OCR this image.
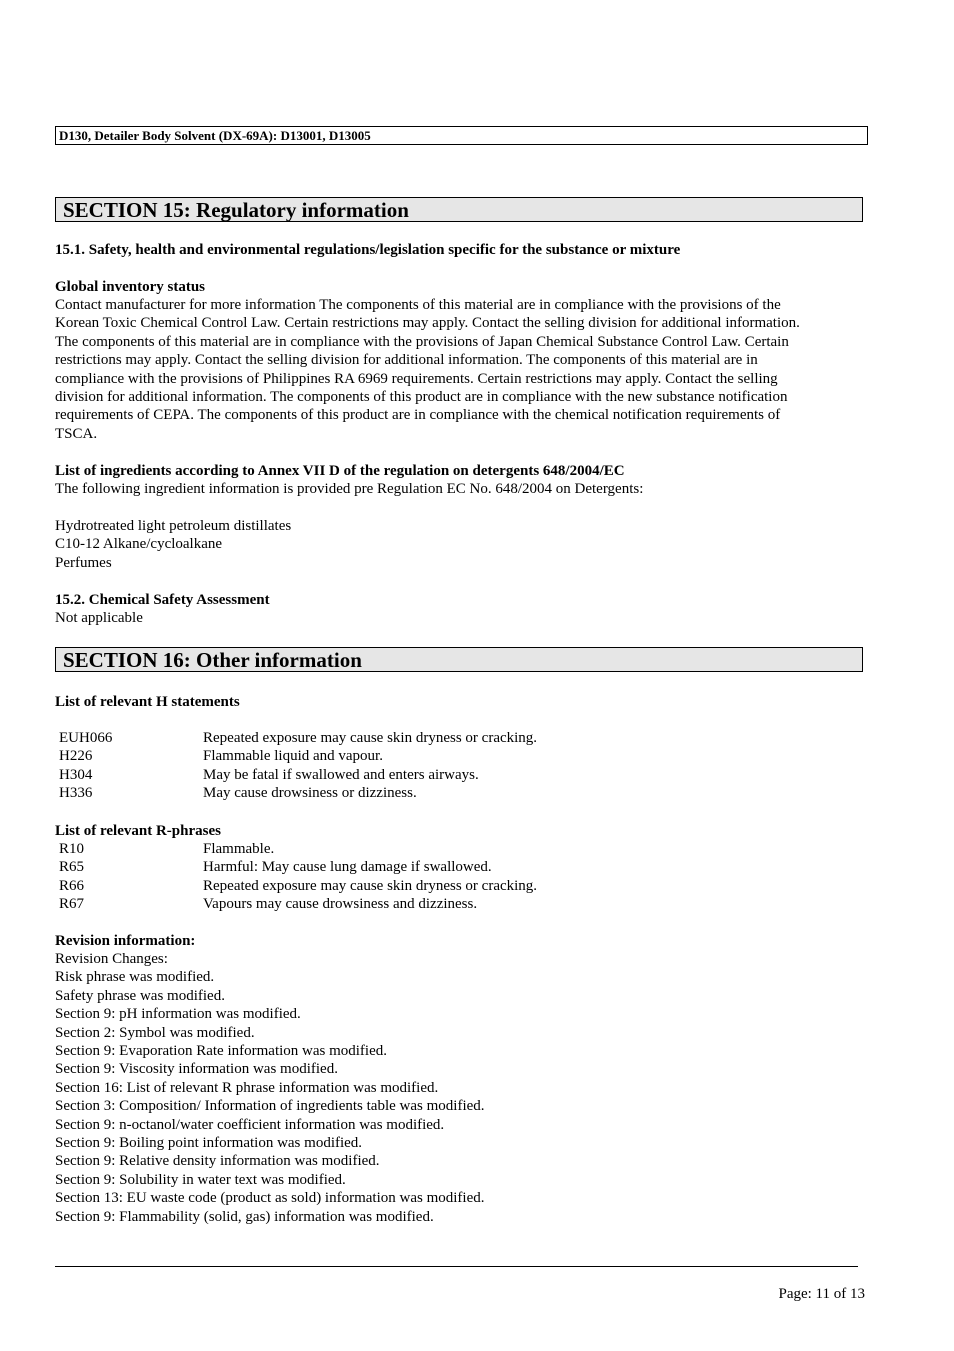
D130, Detailer Body Solvent (DX-69A): D13001, D13005
SECTION 15: Regulatory information
15.1. Safety, health and environmental regulations/legislation specific for the substance or mixture
Global inventory status
Contact manufacturer for more information The components of this material are in compliance with the provisions of the
Korean Toxic Chemical Control Law. Certain restrictions may apply. Contact the selling division for additional information.
The components of this material are in compliance with the provisions of Japan Chemical Substance Control Law. Certain
restrictions may apply. Contact the selling division for additional information. The components of this material are in
compliance with the provisions of Philippines RA 6969 requirements. Certain restrictions may apply. Contact the selling
division for additional information. The components of this product are in compliance with the new substance notification
requirements of CEPA. The components of this product are in compliance with the chemical notification requirements of
TSCA.
List of ingredients according to Annex VII D of the regulation on detergents 648/2004/EC
The following ingredient information is provided pre Regulation EC No. 648/2004 on Detergents:
Hydrotreated light petroleum distillates
C10-12 Alkane/cycloalkane
Perfumes
15.2. Chemical Safety Assessment
Not applicable
SECTION 16: Other information
List of relevant H statements
EUH066	Repeated exposure may cause skin dryness or cracking.
H226	Flammable liquid and vapour.
H304	May be fatal if swallowed and enters airways.
H336	May cause drowsiness or dizziness.
List of relevant R-phrases
R10	Flammable.
R65	Harmful: May cause lung damage if swallowed.
R66	Repeated exposure may cause skin dryness or cracking.
R67	Vapours may cause drowsiness and dizziness.
Revision information:
Revision Changes:
Risk phrase was modified.
Safety phrase was modified.
Section 9: pH information was modified.
Section 2: Symbol was modified.
Section 9: Evaporation Rate information was modified.
Section 9: Viscosity information was modified.
Section 16: List of relevant R phrase information was modified.
Section 3: Composition/ Information of ingredients table was modified.
Section 9: n-octanol/water coefficient information was modified.
Section 9: Boiling point information was modified.
Section 9: Relative density information was modified.
Section 9: Solubility in water text was modified.
Section 13: EU waste code (product as sold) information was modified.
Section 9: Flammability (solid, gas) information was modified.
Page: 11 of 13
